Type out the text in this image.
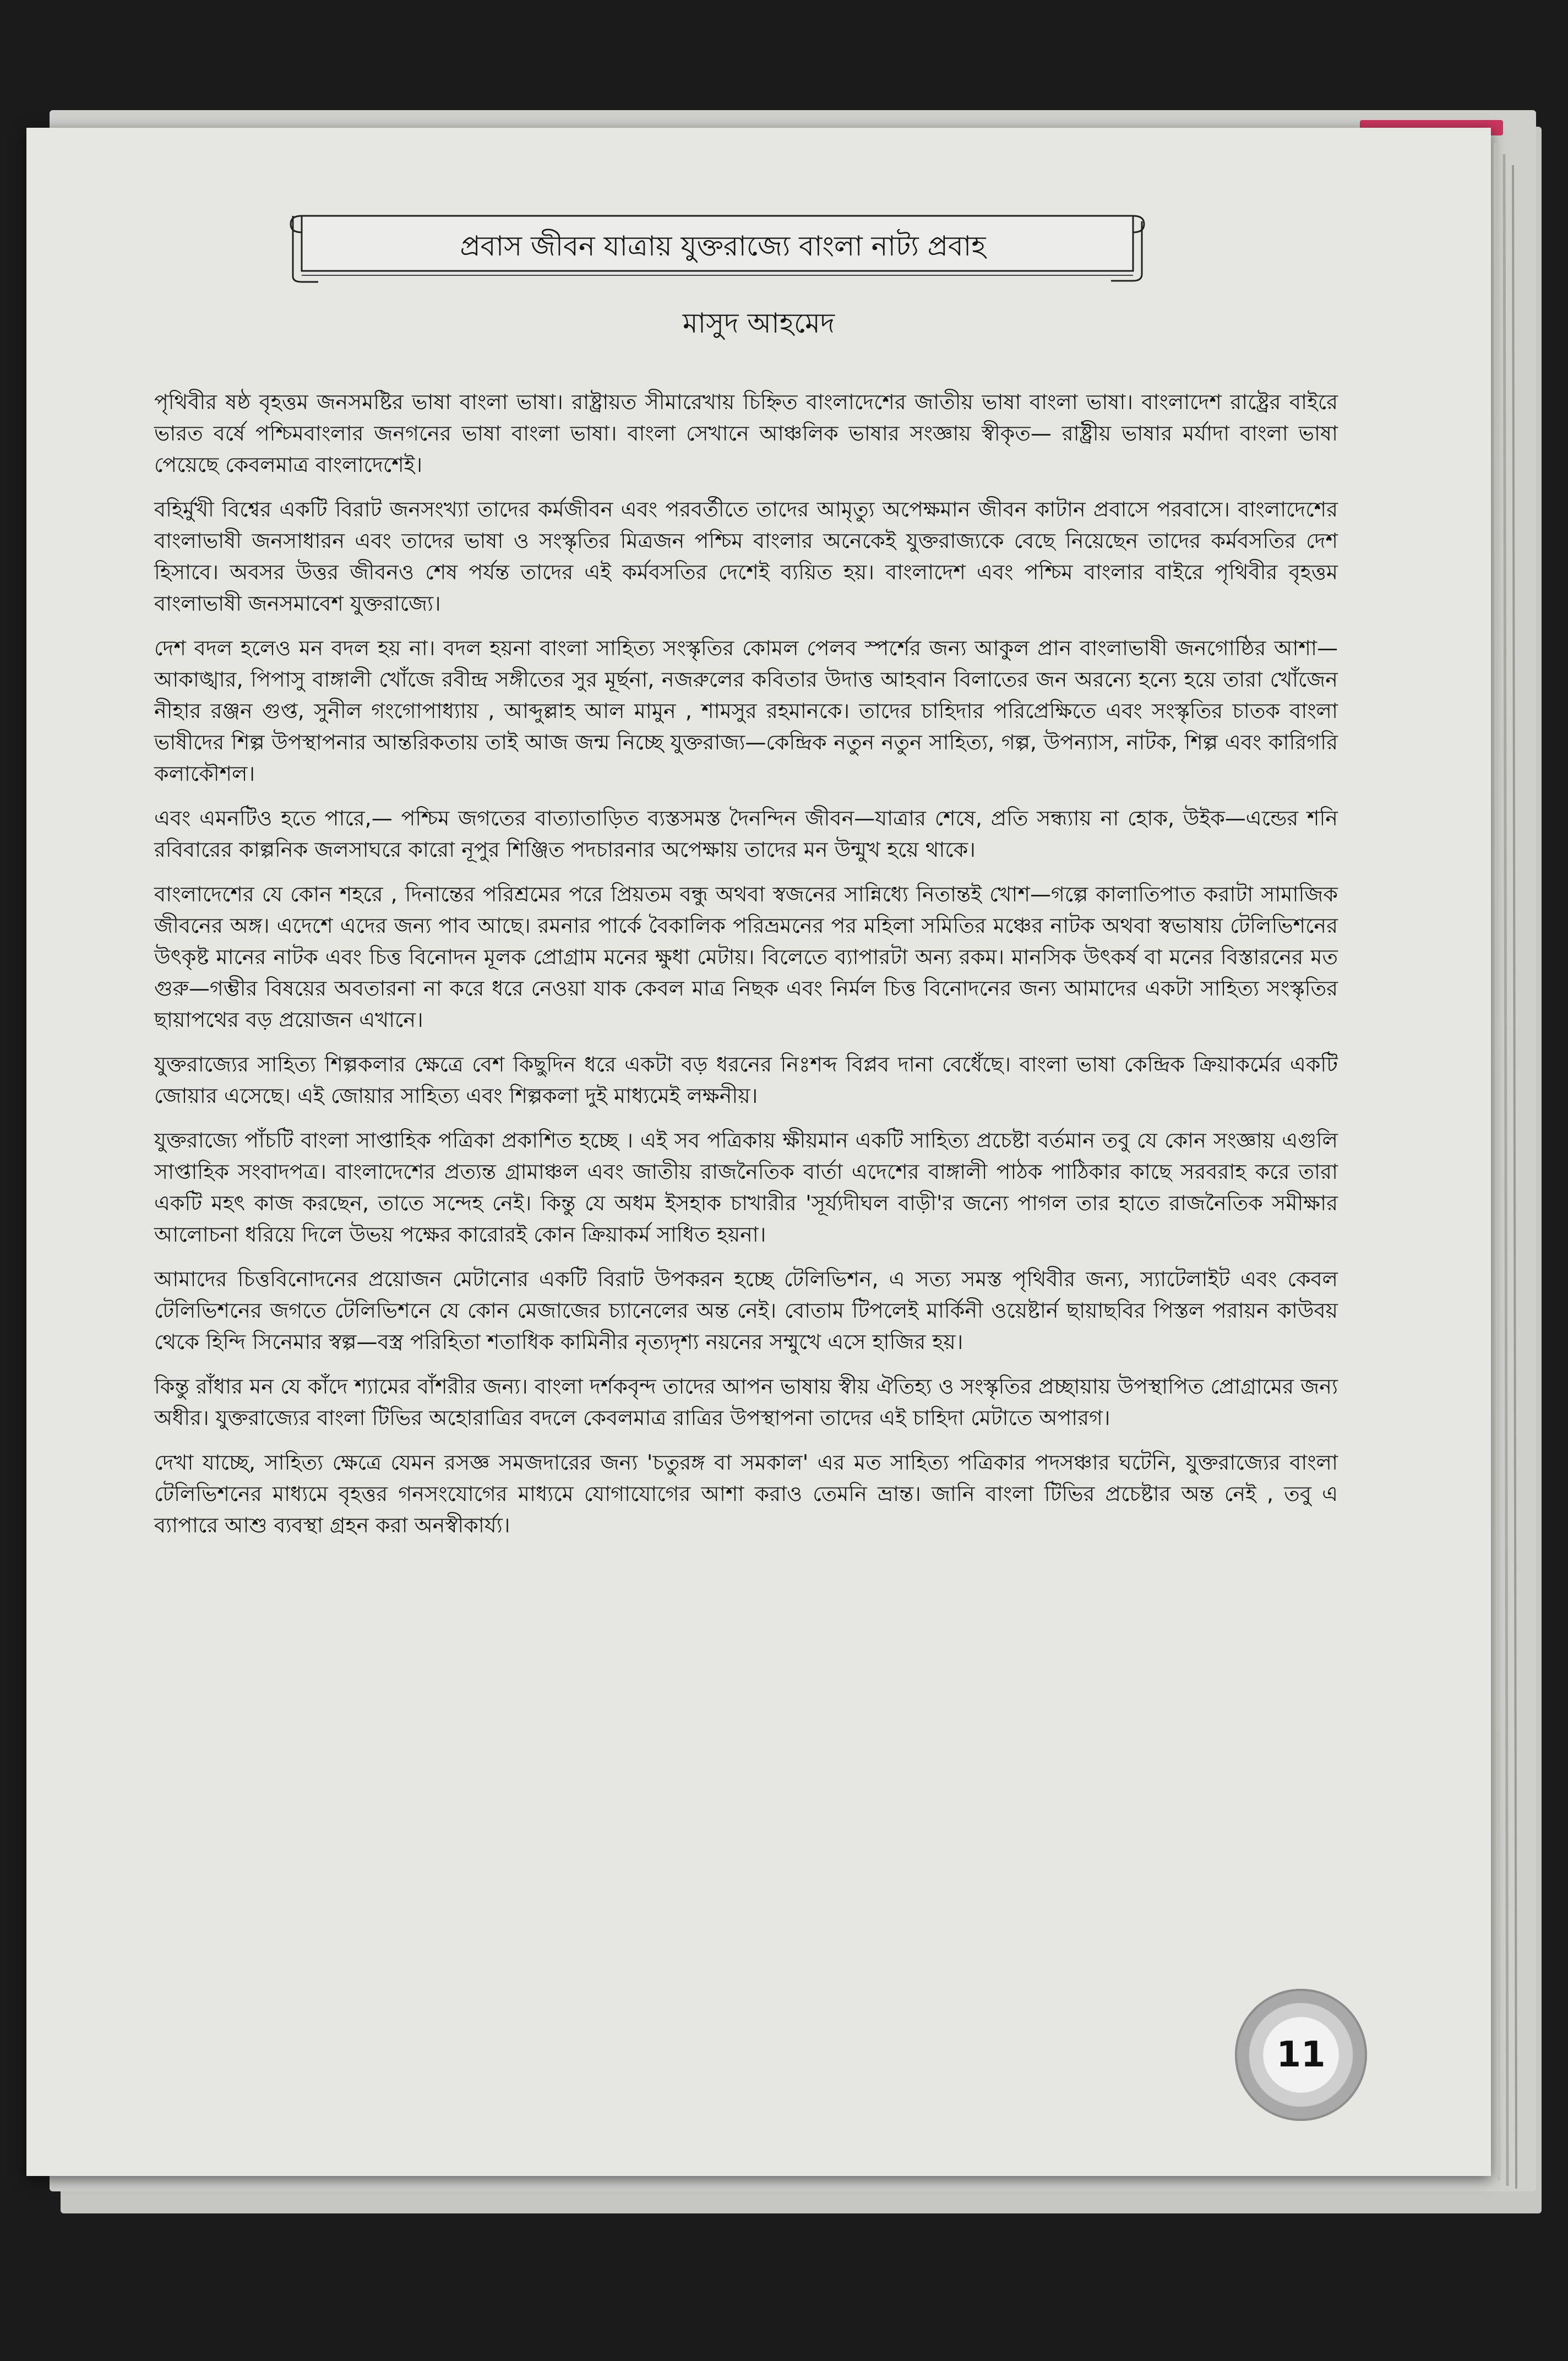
প্রবাস জীবন যাত্রায় যুক্তরাজ্যে বাংলা নাট্য প্রবাহ
মাসুদ আহমেদ

পৃথিবীর ষষ্ঠ বৃহত্তম জনসমষ্টির ভাষা বাংলা ভাষা। রাষ্ট্রায়ত সীমারেখায় চিহ্নিত বাংলাদেশের জাতীয় ভাষা বাংলা ভাষা। বাংলাদেশ রাষ্ট্রের বাইরে ভারত বর্ষে পশ্চিমবাংলার জনগনের ভাষা বাংলা ভাষা। বাংলা সেখানে আঞ্চলিক ভাষার সংজ্ঞায় স্বীকৃত— রাষ্ট্রীয় ভাষার মর্যাদা বাংলা ভাষা পেয়েছে কেবলমাত্র বাংলাদেশেই।

বহির্মুখী বিশ্বের একটি বিরাট জনসংখ্যা তাদের কর্মজীবন এবং পরবর্তীতে তাদের আমৃত্যু অপেক্ষমান জীবন কাটান প্রবাসে পরবাসে। বাংলাদেশের বাংলাভাষী জনসাধারন এবং তাদের ভাষা ও সংস্কৃতির মিত্রজন পশ্চিম বাংলার অনেকেই যুক্তরাজ্যকে বেছে নিয়েছেন তাদের কর্মবসতির দেশ হিসাবে। অবসর উত্তর জীবনও শেষ পর্যন্ত তাদের এই কর্মবসতির দেশেই ব্যয়িত হয়। বাংলাদেশ এবং পশ্চিম বাংলার বাইরে পৃথিবীর বৃহত্তম বাংলাভাষী জনসমাবেশ যুক্তরাজ্যে।

দেশ বদল হলেও মন বদল হয় না। বদল হয়না বাংলা সাহিত্য সংস্কৃতির কোমল পেলব স্পর্শের জন্য আকুল প্রান বাংলাভাষী জনগোষ্ঠির আশা—আকাঙ্খার, পিপাসু বাঙ্গালী খোঁজে রবীন্দ্র সঙ্গীতের সুর মূর্ছনা, নজরুলের কবিতার উদাত্ত আহবান বিলাতের জন অরন্যে হন্যে হয়ে তারা খোঁজেন নীহার রঞ্জন গুপ্ত, সুনীল গংগোপাধ্যায় , আব্দুল্লাহ আল মামুন , শামসুর রহমানকে। তাদের চাহিদার পরিপ্রেক্ষিতে এবং সংস্কৃতির চাতক বাংলা ভাষীদের শিল্প উপস্থাপনার আন্তরিকতায় তাই আজ জন্ম নিচ্ছে যুক্তরাজ্য—কেন্দ্রিক নতুন নতুন সাহিত্য, গল্প, উপন্যাস, নাটক, শিল্প এবং কারিগরি কলাকৌশল।

এবং এমনটিও হতে পারে,— পশ্চিম জগতের বাত্যাতাড়িত ব্যস্তসমস্ত দৈনন্দিন জীবন—যাত্রার শেষে, প্রতি সন্ধ্যায় না হোক, উইক—এন্ডের শনি রবিবারের কাল্পনিক জলসাঘরে কারো নূপুর শিঞ্জিত পদচারনার অপেক্ষায় তাদের মন উন্মুখ হয়ে থাকে।

বাংলাদেশের যে কোন শহরে , দিনান্তের পরিশ্রমের পরে প্রিয়তম বন্ধু অথবা স্বজনের সান্নিধ্যে নিতান্তই খোশ—গল্পে কালাতিপাত করাটা সামাজিক জীবনের অঙ্গ। এদেশে এদের জন্য পাব আছে। রমনার পার্কে বৈকালিক পরিভ্রমনের পর মহিলা সমিতির মঞ্চের নাটক অথবা স্বভাষায় টেলিভিশনের উৎকৃষ্ট মানের নাটক এবং চিত্ত বিনোদন মূলক প্রোগ্রাম মনের ক্ষুধা মেটায়। বিলেতে ব্যাপারটা অন্য রকম। মানসিক উৎকর্ষ বা মনের বিস্তারনের মত গুরু—গম্ভীর বিষয়ের অবতারনা না করে ধরে নেওয়া যাক কেবল মাত্র নিছক এবং নির্মল চিত্ত বিনোদনের জন্য আমাদের একটা সাহিত্য সংস্কৃতির ছায়াপথের বড় প্রয়োজন এখানে।

যুক্তরাজ্যের সাহিত্য শিল্পকলার ক্ষেত্রে বেশ কিছুদিন ধরে একটা বড় ধরনের নিঃশব্দ বিপ্লব দানা বেধেঁছে। বাংলা ভাষা কেন্দ্রিক ক্রিয়াকর্মের একটি জোয়ার এসেছে। এই জোয়ার সাহিত্য এবং শিল্পকলা দুই মাধ্যমেই লক্ষনীয়।

যুক্তরাজ্যে পাঁচটি বাংলা সাপ্তাহিক পত্রিকা প্রকাশিত হচ্ছে । এই সব পত্রিকায় ক্ষীয়মান একটি সাহিত্য প্রচেষ্টা বর্তমান তবু যে কোন সংজ্ঞায় এগুলি সাপ্তাহিক সংবাদপত্র। বাংলাদেশের প্রত্যন্ত গ্রামাঞ্চল এবং জাতীয় রাজনৈতিক বার্তা এদেশের বাঙ্গালী পাঠক পাঠিকার কাছে সরবরাহ করে তারা একটি মহৎ কাজ করছেন, তাতে সন্দেহ নেই। কিন্তু যে অধম ইসহাক চাখারীর 'সূর্য্যদীঘল বাড়ী'র জন্যে পাগল তার হাতে রাজনৈতিক সমীক্ষার আলোচনা ধরিয়ে দিলে উভয় পক্ষের কারোরই কোন ক্রিয়াকর্ম সাধিত হয়না।

আমাদের চিত্তবিনোদনের প্রয়োজন মেটানোর একটি বিরাট উপকরন হচ্ছে টেলিভিশন, এ সত্য সমস্ত পৃথিবীর জন্য, স্যাটেলাইট এবং কেবল টেলিভিশনের জগতে টেলিভিশনে যে কোন মেজাজের চ্যানেলের অন্ত নেই। বোতাম টিপলেই মার্কিনী ওয়েষ্টার্ন ছায়াছবির পিস্তল পরায়ন কাউবয় থেকে হিন্দি সিনেমার স্বল্প—বস্ত্র পরিহিতা শতাধিক কামিনীর নৃত্যদৃশ্য নয়নের সম্মুখে এসে হাজির হয়।

কিন্তু রাঁধার মন যে কাঁদে শ্যামের বাঁশরীর জন্য। বাংলা দর্শকবৃন্দ তাদের আপন ভাষায় স্বীয় ঐতিহ্য ও সংস্কৃতির প্রচ্ছায়ায় উপস্থাপিত প্রোগ্রামের জন্য অধীর। যুক্তরাজ্যের বাংলা টিভির অহোরাত্রির বদলে কেবলমাত্র রাত্রির উপস্থাপনা তাদের এই চাহিদা মেটাতে অপারগ।

দেখা যাচ্ছে, সাহিত্য ক্ষেত্রে যেমন রসজ্ঞ সমজদারের জন্য 'চতুরঙ্গ বা সমকাল' এর মত সাহিত্য পত্রিকার পদসঞ্চার ঘটেনি, যুক্তরাজ্যের বাংলা টেলিভিশনের মাধ্যমে বৃহত্তর গনসংযোগের মাধ্যমে যোগাযোগের আশা করাও তেমনি ভ্রান্ত। জানি বাংলা টিভির প্রচেষ্টার অন্ত নেই , তবু এ ব্যাপারে আশু ব্যবস্থা গ্রহন করা অনস্বীকার্য্য।

11
